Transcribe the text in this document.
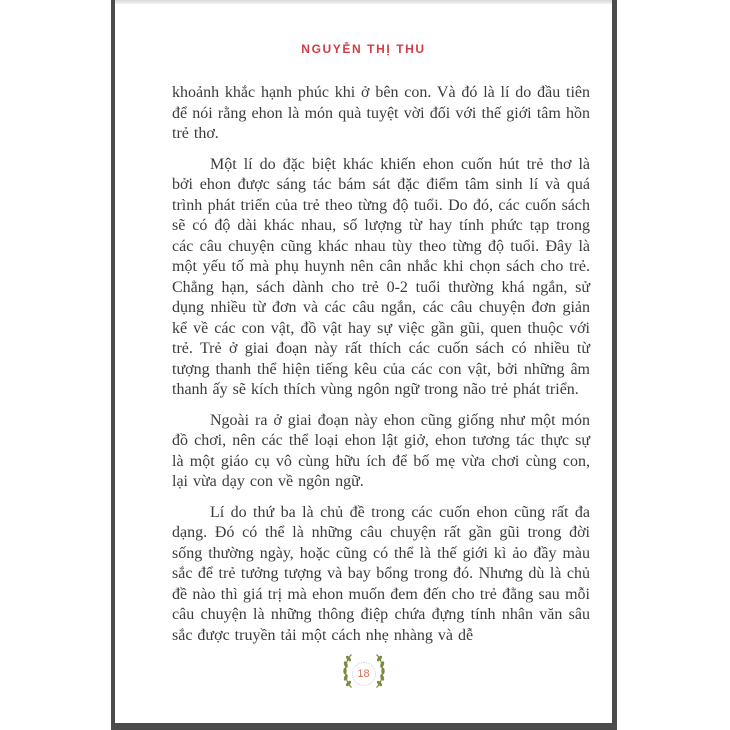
NGUYỄN THỊ THU

khoảnh khắc hạnh phúc khi ở bên con. Và đó là lí do đầu tiên để nói rằng ehon là món quà tuyệt vời đối với thế giới tâm hồn trẻ thơ.

Một lí do đặc biệt khác khiến ehon cuốn hút trẻ thơ là bởi ehon được sáng tác bám sát đặc điểm tâm sinh lí và quá trình phát triển của trẻ theo từng độ tuổi. Do đó, các cuốn sách sẽ có độ dài khác nhau, số lượng từ hay tính phức tạp trong các câu chuyện cũng khác nhau tùy theo từng độ tuổi. Đây là một yếu tố mà phụ huynh nên cân nhắc khi chọn sách cho trẻ. Chẳng hạn, sách dành cho trẻ 0-2 tuổi thường khá ngắn, sử dụng nhiều từ đơn và các câu ngắn, các câu chuyện đơn giản kể về các con vật, đồ vật hay sự việc gần gũi, quen thuộc với trẻ. Trẻ ở giai đoạn này rất thích các cuốn sách có nhiều từ tượng thanh thể hiện tiếng kêu của các con vật, bởi những âm thanh ấy sẽ kích thích vùng ngôn ngữ trong não trẻ phát triển.

Ngoài ra ở giai đoạn này ehon cũng giống như một món đồ chơi, nên các thể loại ehon lật giở, ehon tương tác thực sự là một giáo cụ vô cùng hữu ích để bố mẹ vừa chơi cùng con, lại vừa dạy con về ngôn ngữ.

Lí do thứ ba là chủ đề trong các cuốn ehon cũng rất đa dạng. Đó có thể là những câu chuyện rất gần gũi trong đời sống thường ngày, hoặc cũng có thể là thế giới kì ảo đầy màu sắc để trẻ tưởng tượng và bay bổng trong đó. Nhưng dù là chủ đề nào thì giá trị mà ehon muốn đem đến cho trẻ đằng sau mỗi câu chuyện là những thông điệp chứa đựng tính nhân văn sâu sắc được truyền tải một cách nhẹ nhàng và dễ

18
